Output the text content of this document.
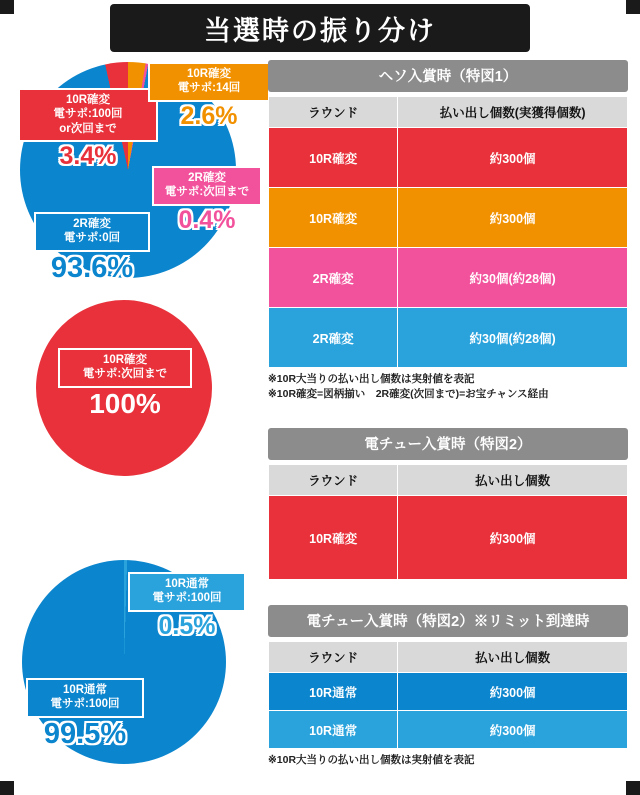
当選時の振り分け
10R確変
電サポ:100回
or次回まで
3.4%
10R確変
電サポ:14回
2.6%
2R確変
電サポ:次回まで
0.4%
2R確変
電サポ:0回
93.6%
10R確変
電サポ:次回まで
100%
10R通常
電サポ:100回
0.5%
10R通常
電サポ:100回
99.5%
ヘソ入賞時（特図1）
ラウンド	払い出し個数(実獲得個数)
10R確変	約300個
10R確変	約300個
2R確変	約30個(約28個)
2R確変	約30個(約28個)
※10R大当りの払い出し個数は実射値を表記
※10R確変=図柄揃い　2R確変(次回まで)=お宝チャンス経由
電チュー入賞時（特図2）
ラウンド	払い出し個数
10R確変	約300個
電チュー入賞時（特図2）※リミット到達時
ラウンド	払い出し個数
10R通常	約300個
10R通常	約300個
※10R大当りの払い出し個数は実射値を表記
